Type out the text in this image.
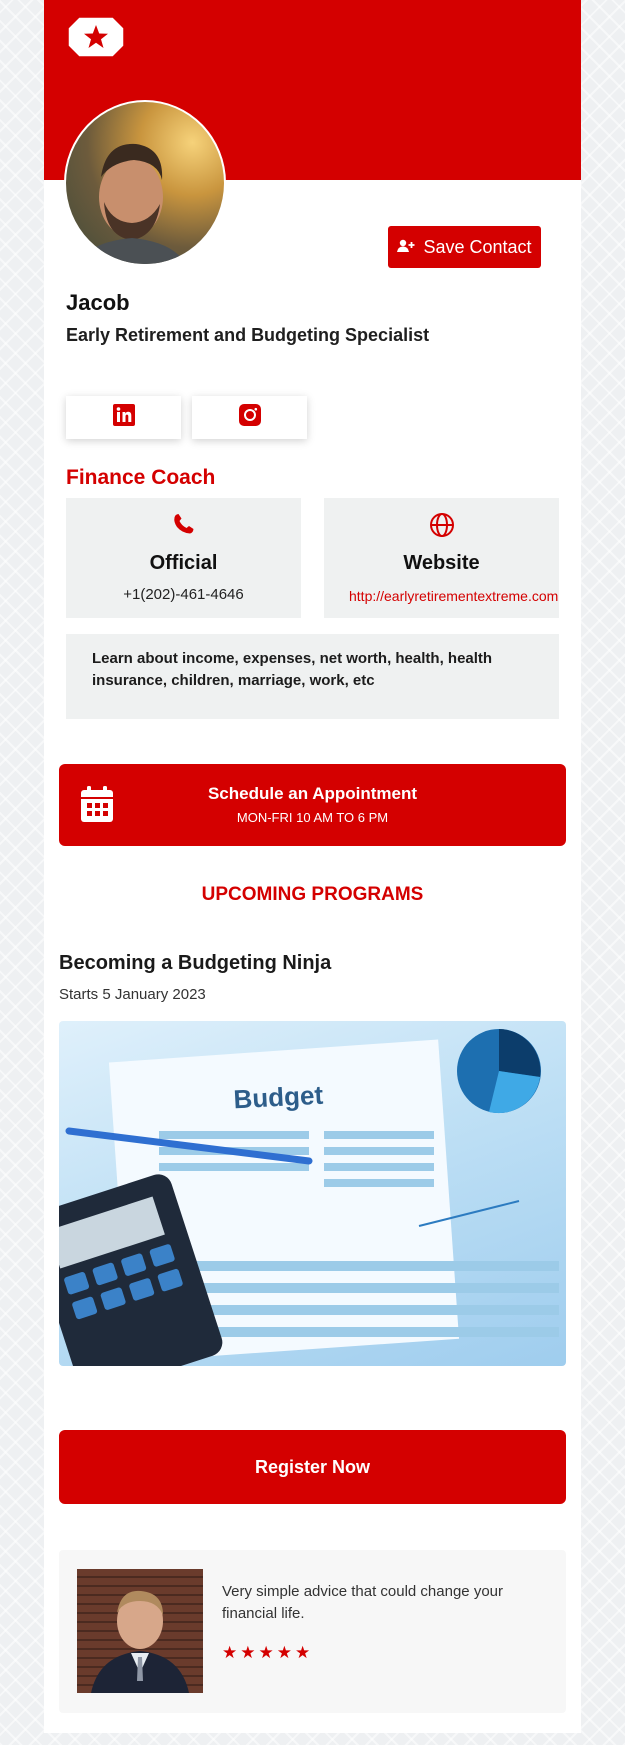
Save Contact
Jacob
Early Retirement and Budgeting Specialist
Finance Coach
Official
+1(202)-461-4646
Website
http://earlyretirementextreme.com
Learn about income, expenses, net worth, health, health insurance, children, marriage, work, etc
Schedule an Appointment
MON-FRI 10 AM TO 6 PM
UPCOMING PROGRAMS
Becoming a Budgeting Ninja
Starts 5 January 2023
Budget
Register Now
Very simple advice that could change your financial life.
★★★★★
